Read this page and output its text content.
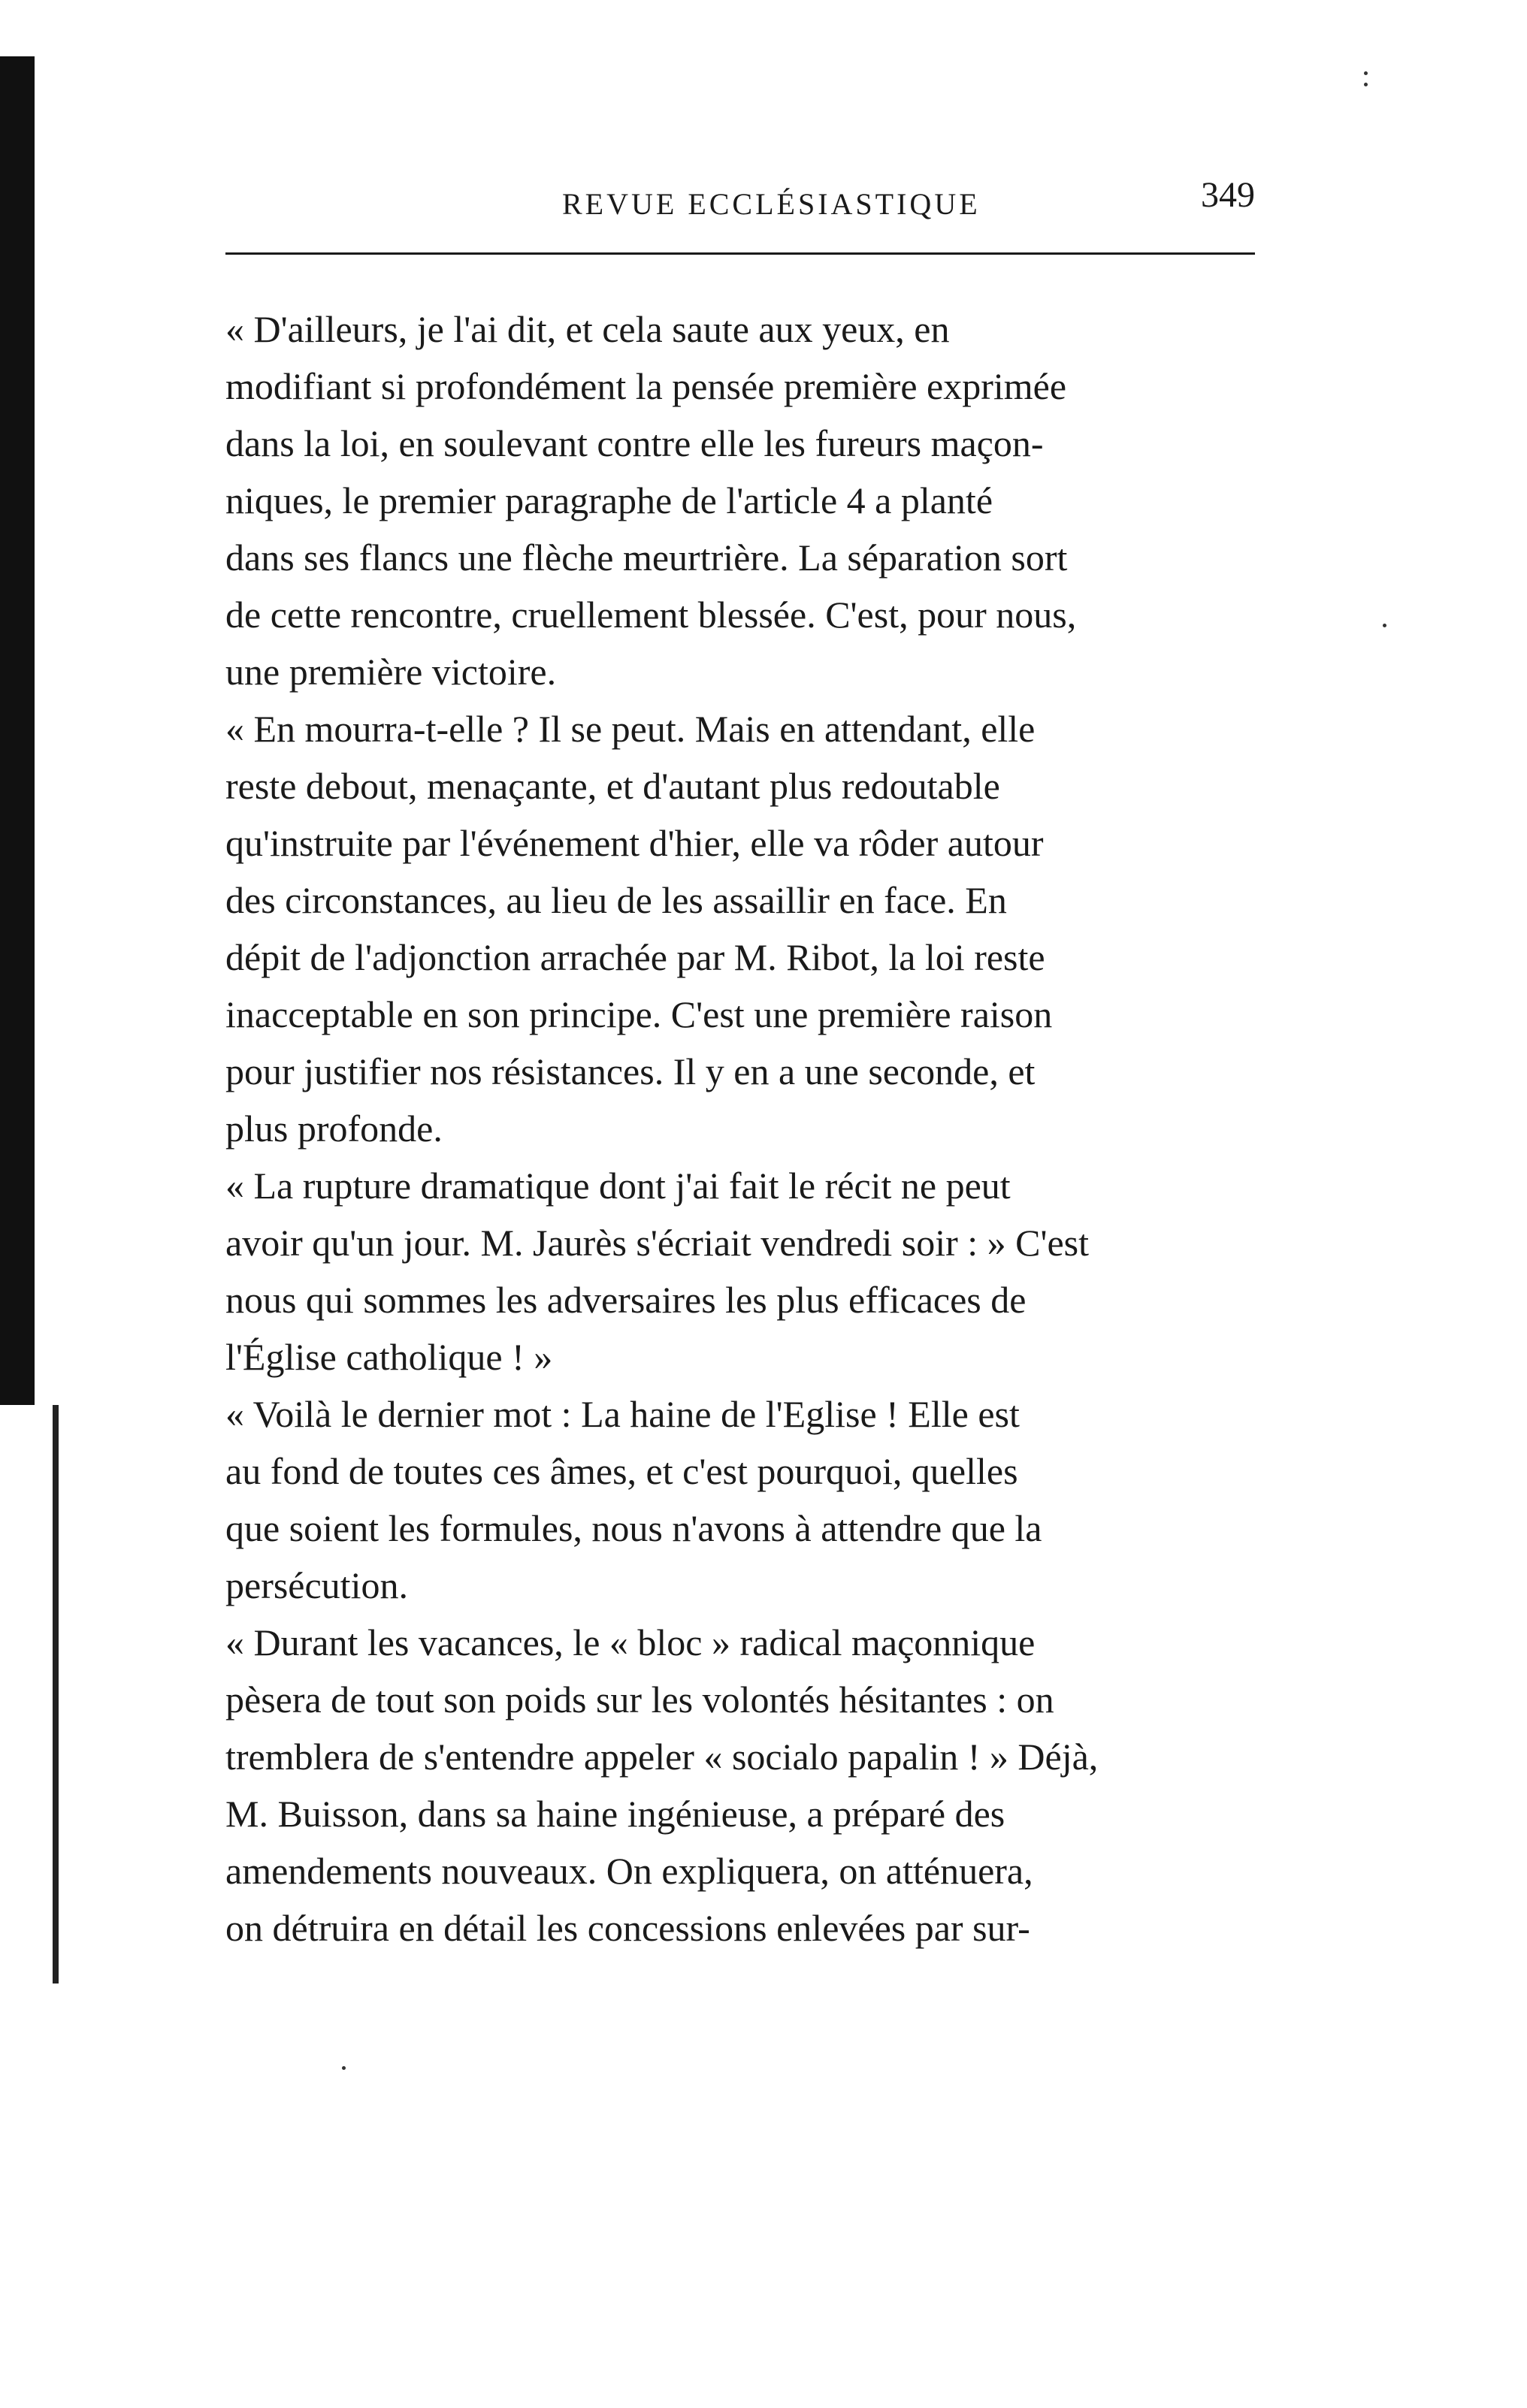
REVUE ECCLÉSIASTIQUE	349
« D'ailleurs, je l'ai dit, et cela saute aux yeux, en
modifiant si profondément la pensée première exprimée
dans la loi, en soulevant contre elle les fureurs maçon-
niques, le premier paragraphe de l'article 4 a planté
dans ses flancs une flèche meurtrière. La séparation sort
de cette rencontre, cruellement blessée. C'est, pour nous,
une première victoire.
« En mourra-t-elle ? Il se peut. Mais en attendant, elle
reste debout, menaçante, et d'autant plus redoutable
qu'instruite par l'événement d'hier, elle va rôder autour
des circonstances, au lieu de les assaillir en face. En
dépit de l'adjonction arrachée par M. Ribot, la loi reste
inacceptable en son principe. C'est une première raison
pour justifier nos résistances. Il y en a une seconde, et
plus profonde.
« La rupture dramatique dont j'ai fait le récit ne peut
avoir qu'un jour. M. Jaurès s'écriait vendredi soir : » C'est
nous qui sommes les adversaires les plus efficaces de
l'Église catholique ! »
« Voilà le dernier mot : La haine de l'Eglise ! Elle est
au fond de toutes ces âmes, et c'est pourquoi, quelles
que soient les formules, nous n'avons à attendre que la
persécution.
« Durant les vacances, le « bloc » radical maçonnique
pèsera de tout son poids sur les volontés hésitantes : on
tremblera de s'entendre appeler « socialo papalin ! » Déjà,
M. Buisson, dans sa haine ingénieuse, a préparé des
amendements nouveaux. On expliquera, on atténuera,
on détruira en détail les concessions enlevées par sur-
